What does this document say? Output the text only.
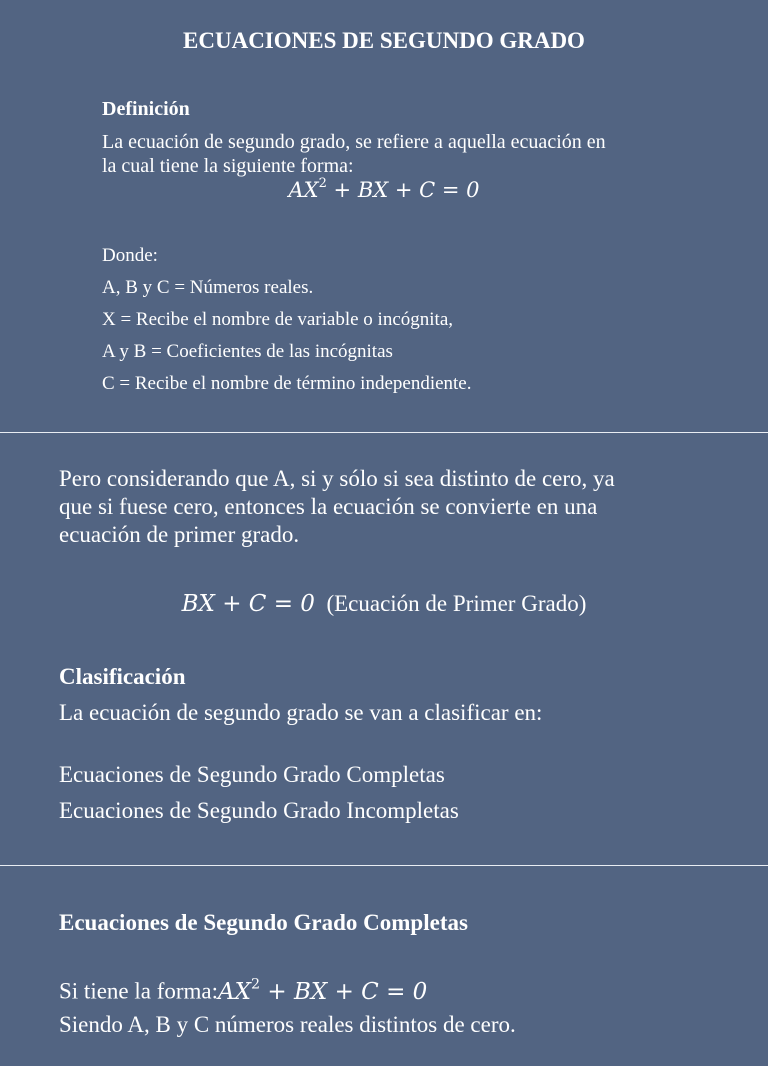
ECUACIONES DE SEGUNDO GRADO
Definición
La ecuación de segundo grado, se refiere a aquella ecuación en
la cual tiene la siguiente forma:
$AX^2$ + BX + C = 0
Donde:
A, B y C = Números reales.
X = Recibe el nombre de variable o incógnita,
A y B = Coeficientes de las incógnitas
C = Recibe el nombre de término independiente.
Pero considerando que A, si y sólo si sea distinto de cero, ya
que si fuese cero, entonces la ecuación se convierte en una
ecuación de primer grado.
BX + C = 0 (Ecuación de Primer Grado)
Clasificación
La ecuación de segundo grado se van a clasificar en:
Ecuaciones de Segundo Grado Completas
Ecuaciones de Segundo Grado Incompletas
Ecuaciones de Segundo Grado Completas
Si tiene la $forma:AX^2$ + BX + C = 0
Siendo A, B y C números reales distintos de cero.
